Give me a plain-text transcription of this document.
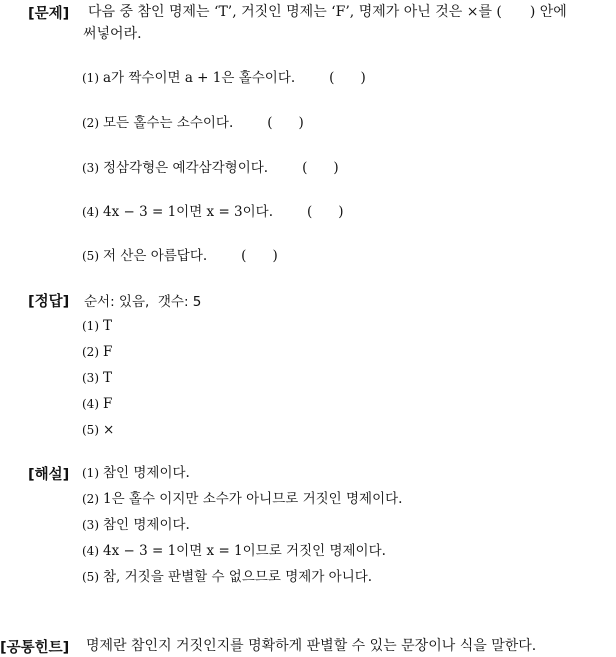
[문제] 다음 중 참인 명제는 ‘T’, 거짓인 명제는 ‘F’, 명제가 아닌 것은 ×를 (  ) 안에
써넣어라.
(1) a가 짝수이면 a + 1은 홀수이다.	( )
(2) 모든 홀수는 소수이다.	( )
(3) 정삼각형은 예각삼각형이다.	( )
(4) 4x − 3 = 1이면 x = 3이다.	( )
(5) 저 산은 아름답다.	( )
[정답] 순서: 있음,  갯수: 5
(1) T
(2) F
(3) T
(4) F
(5) ×
[해설] (1) 참인 명제이다.
(2) 1은 홀수 이지만 소수가 아니므로 거짓인 명제이다.
(3) 참인 명제이다.
(4) 4x − 3 = 1이면 x = 1이므로 거짓인 명제이다.
(5) 참, 거짓을 판별할 수 없으므로 명제가 아니다.
[공통힌트] 명제란 참인지 거짓인지를 명확하게 판별할 수 있는 문장이나 식을 말한다.
